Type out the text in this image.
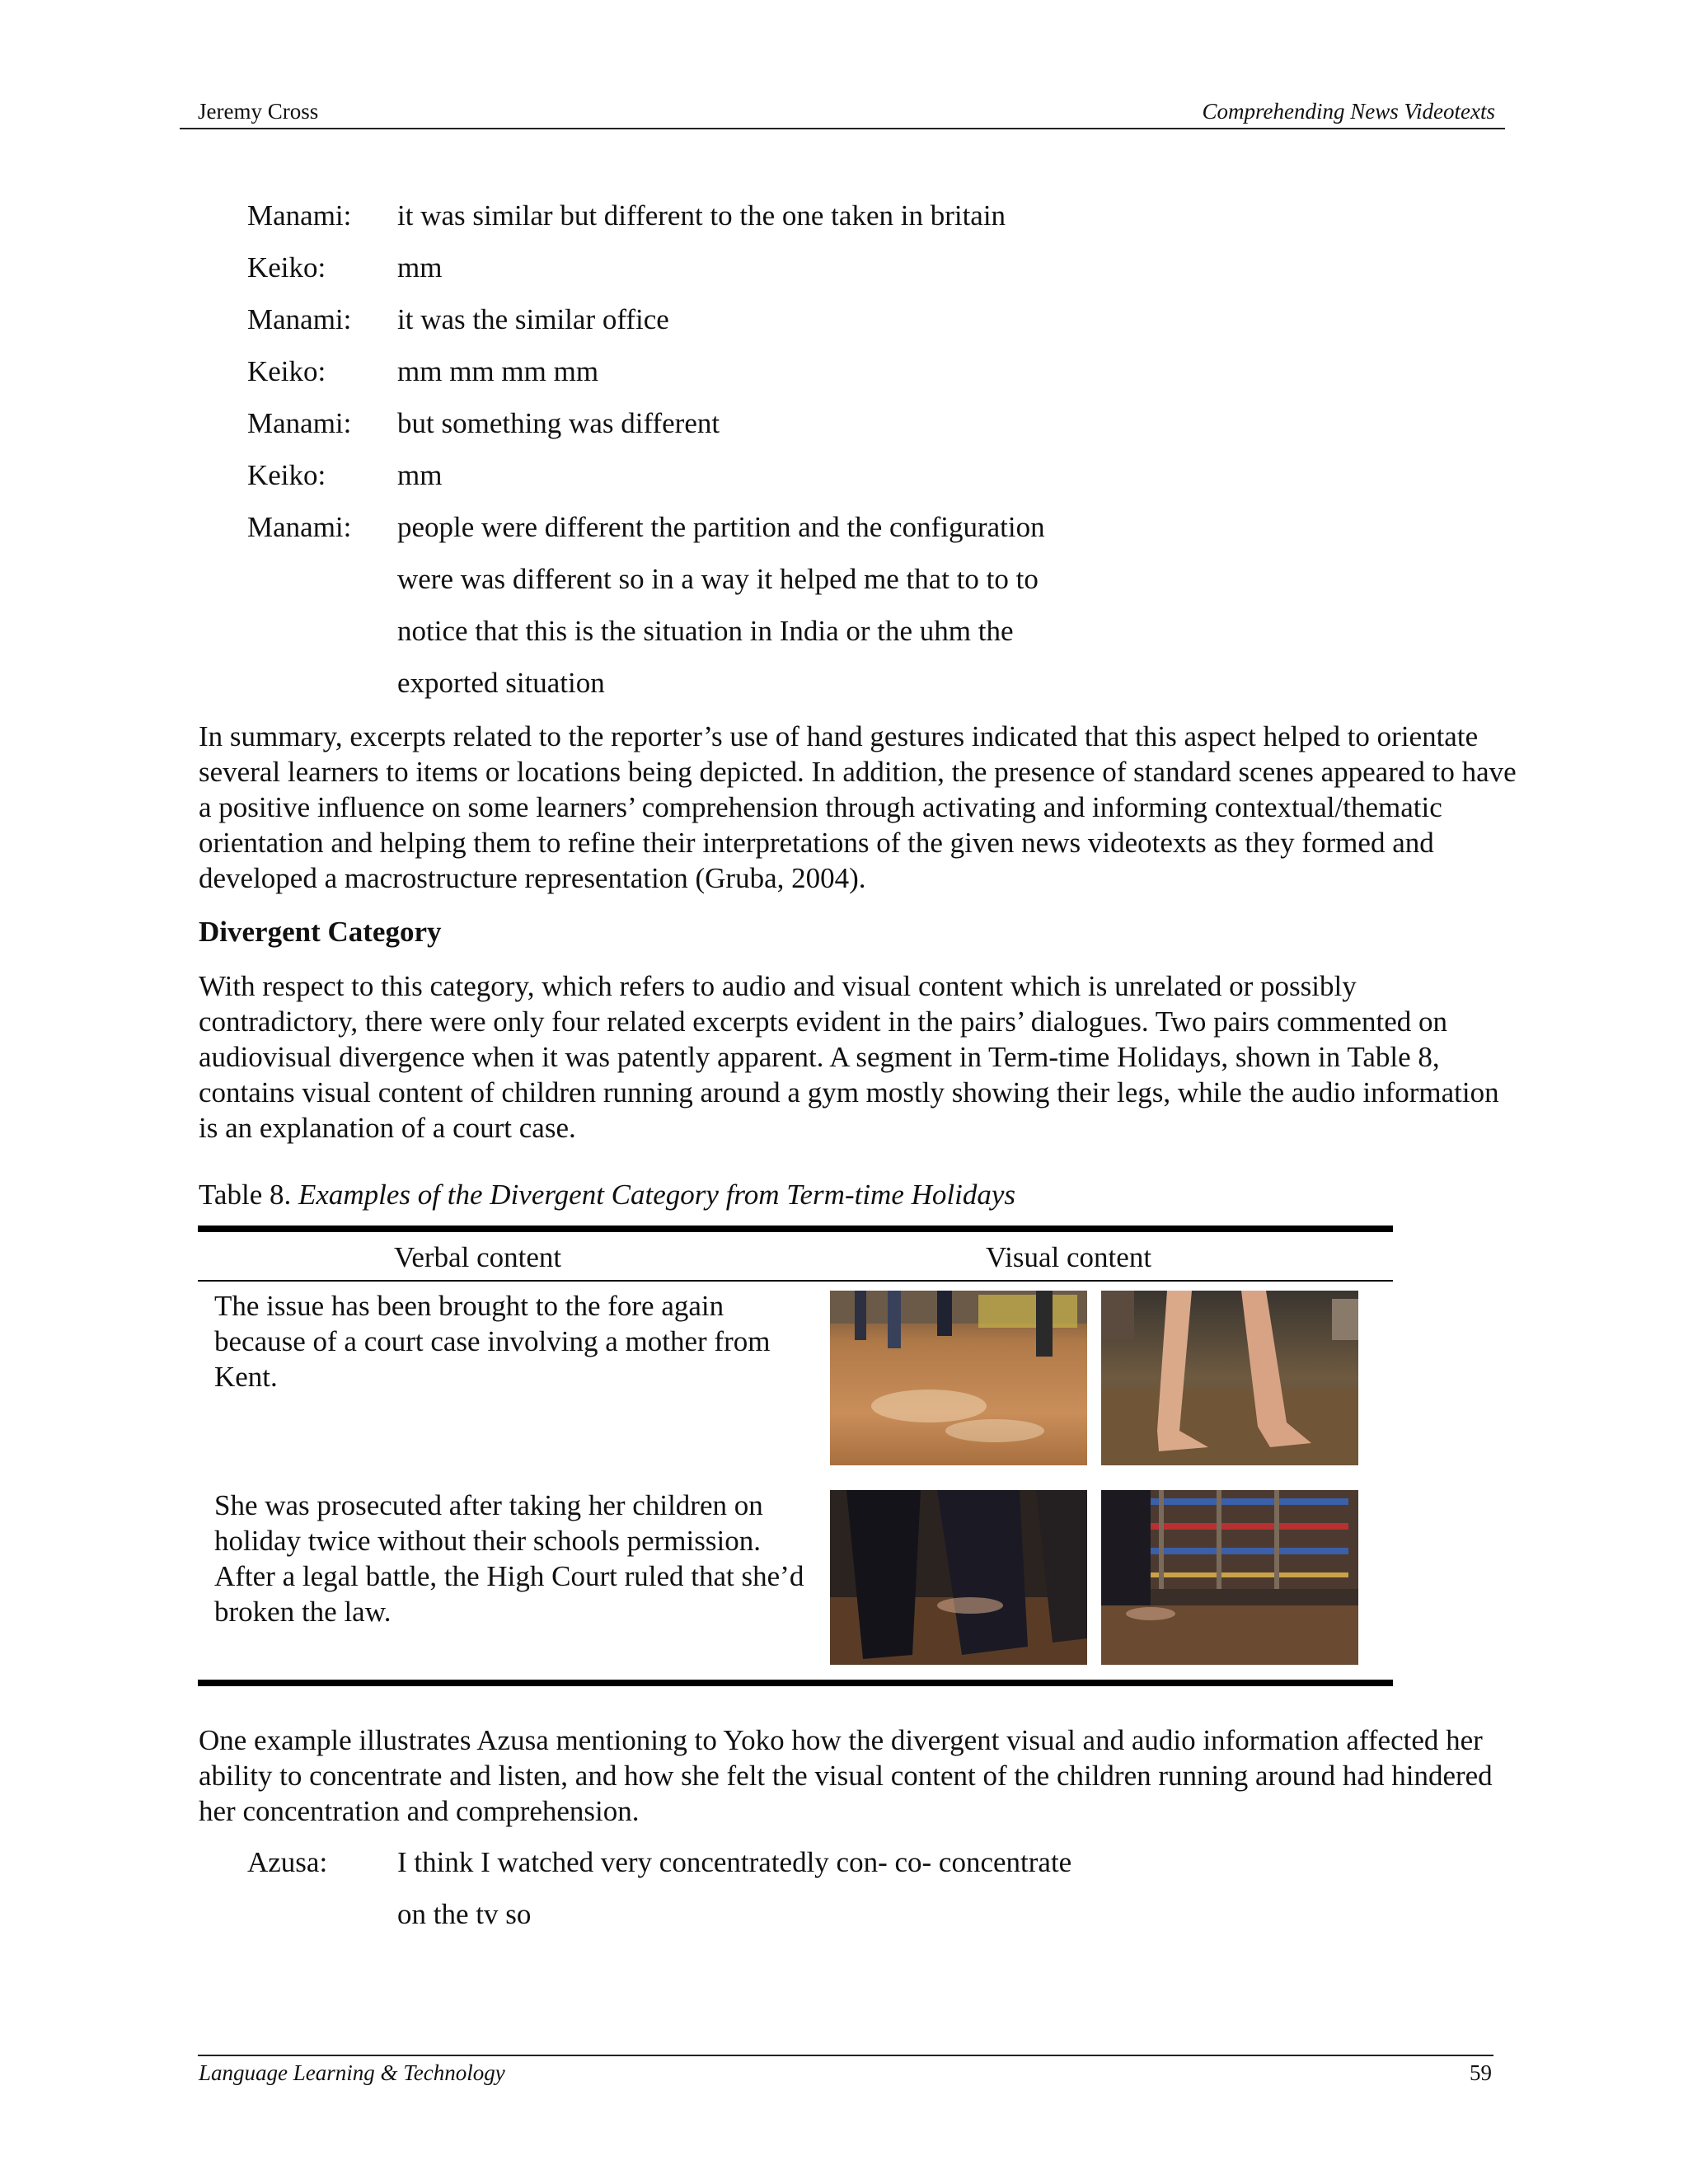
Jeremy Cross	Comprehending News Videotexts
Manami: it was similar but different to the one taken in britain
Keiko: mm
Manami: it was the similar office
Keiko: mm mm mm mm
Manami: but something was different
Keiko: mm
Manami: people were different the partition and the configuration
were was different so in a way it helped me that to to to
notice that this is the situation in India or the uhm the
exported situation
In summary, excerpts related to the reporter’s use of hand gestures indicated that this aspect helped to orientate several learners to items or locations being depicted. In addition, the presence of standard scenes appeared to have a positive influence on some learners’ comprehension through activating and informing contextual/thematic orientation and helping them to refine their interpretations of the given news videotexts as they formed and developed a macrostructure representation (Gruba, 2004).
Divergent Category
With respect to this category, which refers to audio and visual content which is unrelated or possibly contradictory, there were only four related excerpts evident in the pairs’ dialogues. Two pairs commented on audiovisual divergence when it was patently apparent. A segment in Term-time Holidays, shown in Table 8, contains visual content of children running around a gym mostly showing their legs, while the audio information is an explanation of a court case.
Table 8. Examples of the Divergent Category from Term-time Holidays
Verbal content	Visual content
The issue has been brought to the fore again because of a court case involving a mother from Kent.
She was prosecuted after taking her children on holiday twice without their schools permission. After a legal battle, the High Court ruled that she’d broken the law.
One example illustrates Azusa mentioning to Yoko how the divergent visual and audio information affected her ability to concentrate and listen, and how she felt the visual content of the children running around had hindered her concentration and comprehension.
Azusa: I think I watched very concentratedly con- co- concentrate
on the tv so
Language Learning & Technology	59
